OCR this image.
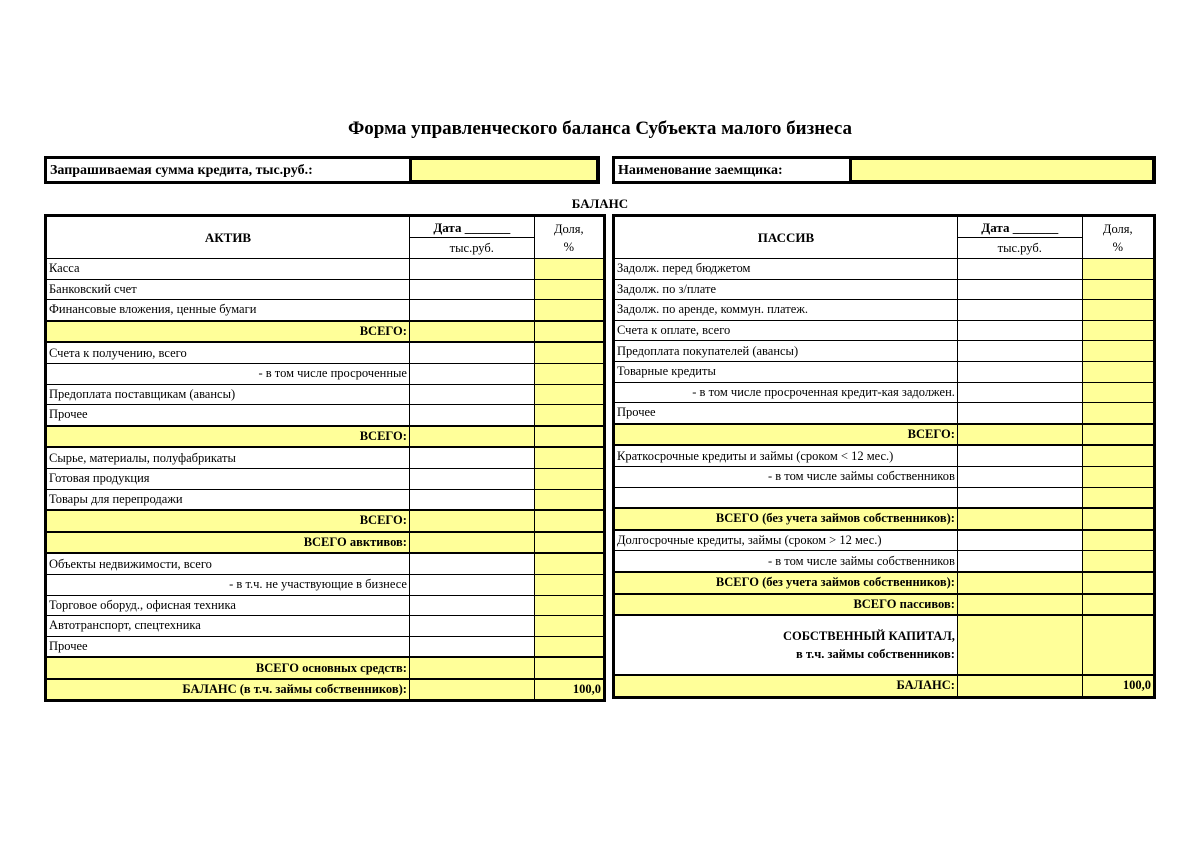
Форма управленческого баланса Субъекта малого бизнеса
Запрашиваемая сумма кредита, тыс.руб.:	Наименование заемщика:
БАЛАНС
АКТИВ	Дата _______	Доля,
%
	тыс.руб.	
Касса		
Банковский счет		
Финансовые вложения, ценные бумаги		
ВСЕГО:		
Счета к получению, всего		
- в том числе просроченные		
Предоплата поставщикам (авансы)		
Прочее		
ВСЕГО:		
Сырье, материалы, полуфабрикаты		
Готовая продукция		
Товары для перепродажи		
ВСЕГО:		
ВСЕГО авктивов:		
Объекты недвижимости, всего		
- в т.ч. не участвующие в бизнесе		
Торговое оборуд., офисная техника		
Автотранспорт, спецтехника		
Прочее		
ВСЕГО основных средств:		
БАЛАНС (в т.ч. займы собственников):		100,0
ПАССИВ	Дата _______	Доля,
%
	тыс.руб.	
Задолж. перед бюджетом		
Задолж. по з/плате		
Задолж. по аренде, коммун. платеж.		
Счета к оплате, всего		
Предоплата покупателей (авансы)		
Товарные кредиты		
- в том числе просроченная кредит-кая задолжен.		
Прочее		
ВСЕГО:		
Краткосрочные кредиты и займы (сроком < 12 мес.)		
- в том числе займы собственников		

ВСЕГО (без учета займов собственников):		
Долгосрочные кредиты, займы (сроком > 12 мес.)		
- в том числе займы собственников		
ВСЕГО (без учета займов собственников):		
ВСЕГО пассивов:		
СОБСТВЕННЫЙ КАПИТАЛ,
в т.ч. займы собственников:		
БАЛАНС:		100,0
